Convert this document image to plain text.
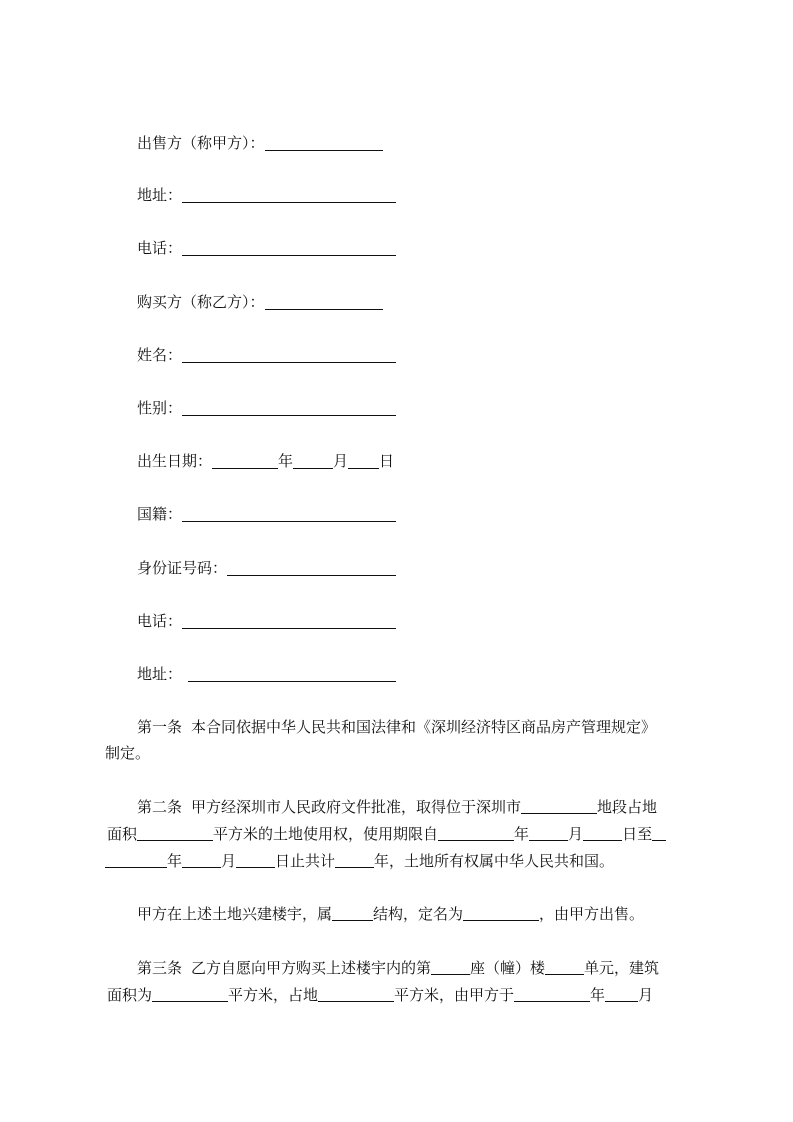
出售方（称甲方）：
地址：
电话：
购买方（称乙方）：
姓名：
性别：
出生日期：	年	月 日
国籍：
身份证号码：
电话：
地址：
第一条 本合同依据中华人民共和国法律和《深圳经济特区商品房产管理规定》
制定。
第二条 甲方经深圳市人民政府文件批准，取得位于深圳市	地段占地
面积	平方米的土地使用权，使用期限自	年	月	日至
年	月	日止共计	年，土地所有权属中华人民共和国。
甲方在上述土地兴建楼宇，属	结构，定名为	，由甲方出售。
第三条 乙方自愿向甲方购买上述楼宇内的第	座（幢）楼	单元，建筑
面积为	平方米，占地	平方米，由甲方于	年 月
